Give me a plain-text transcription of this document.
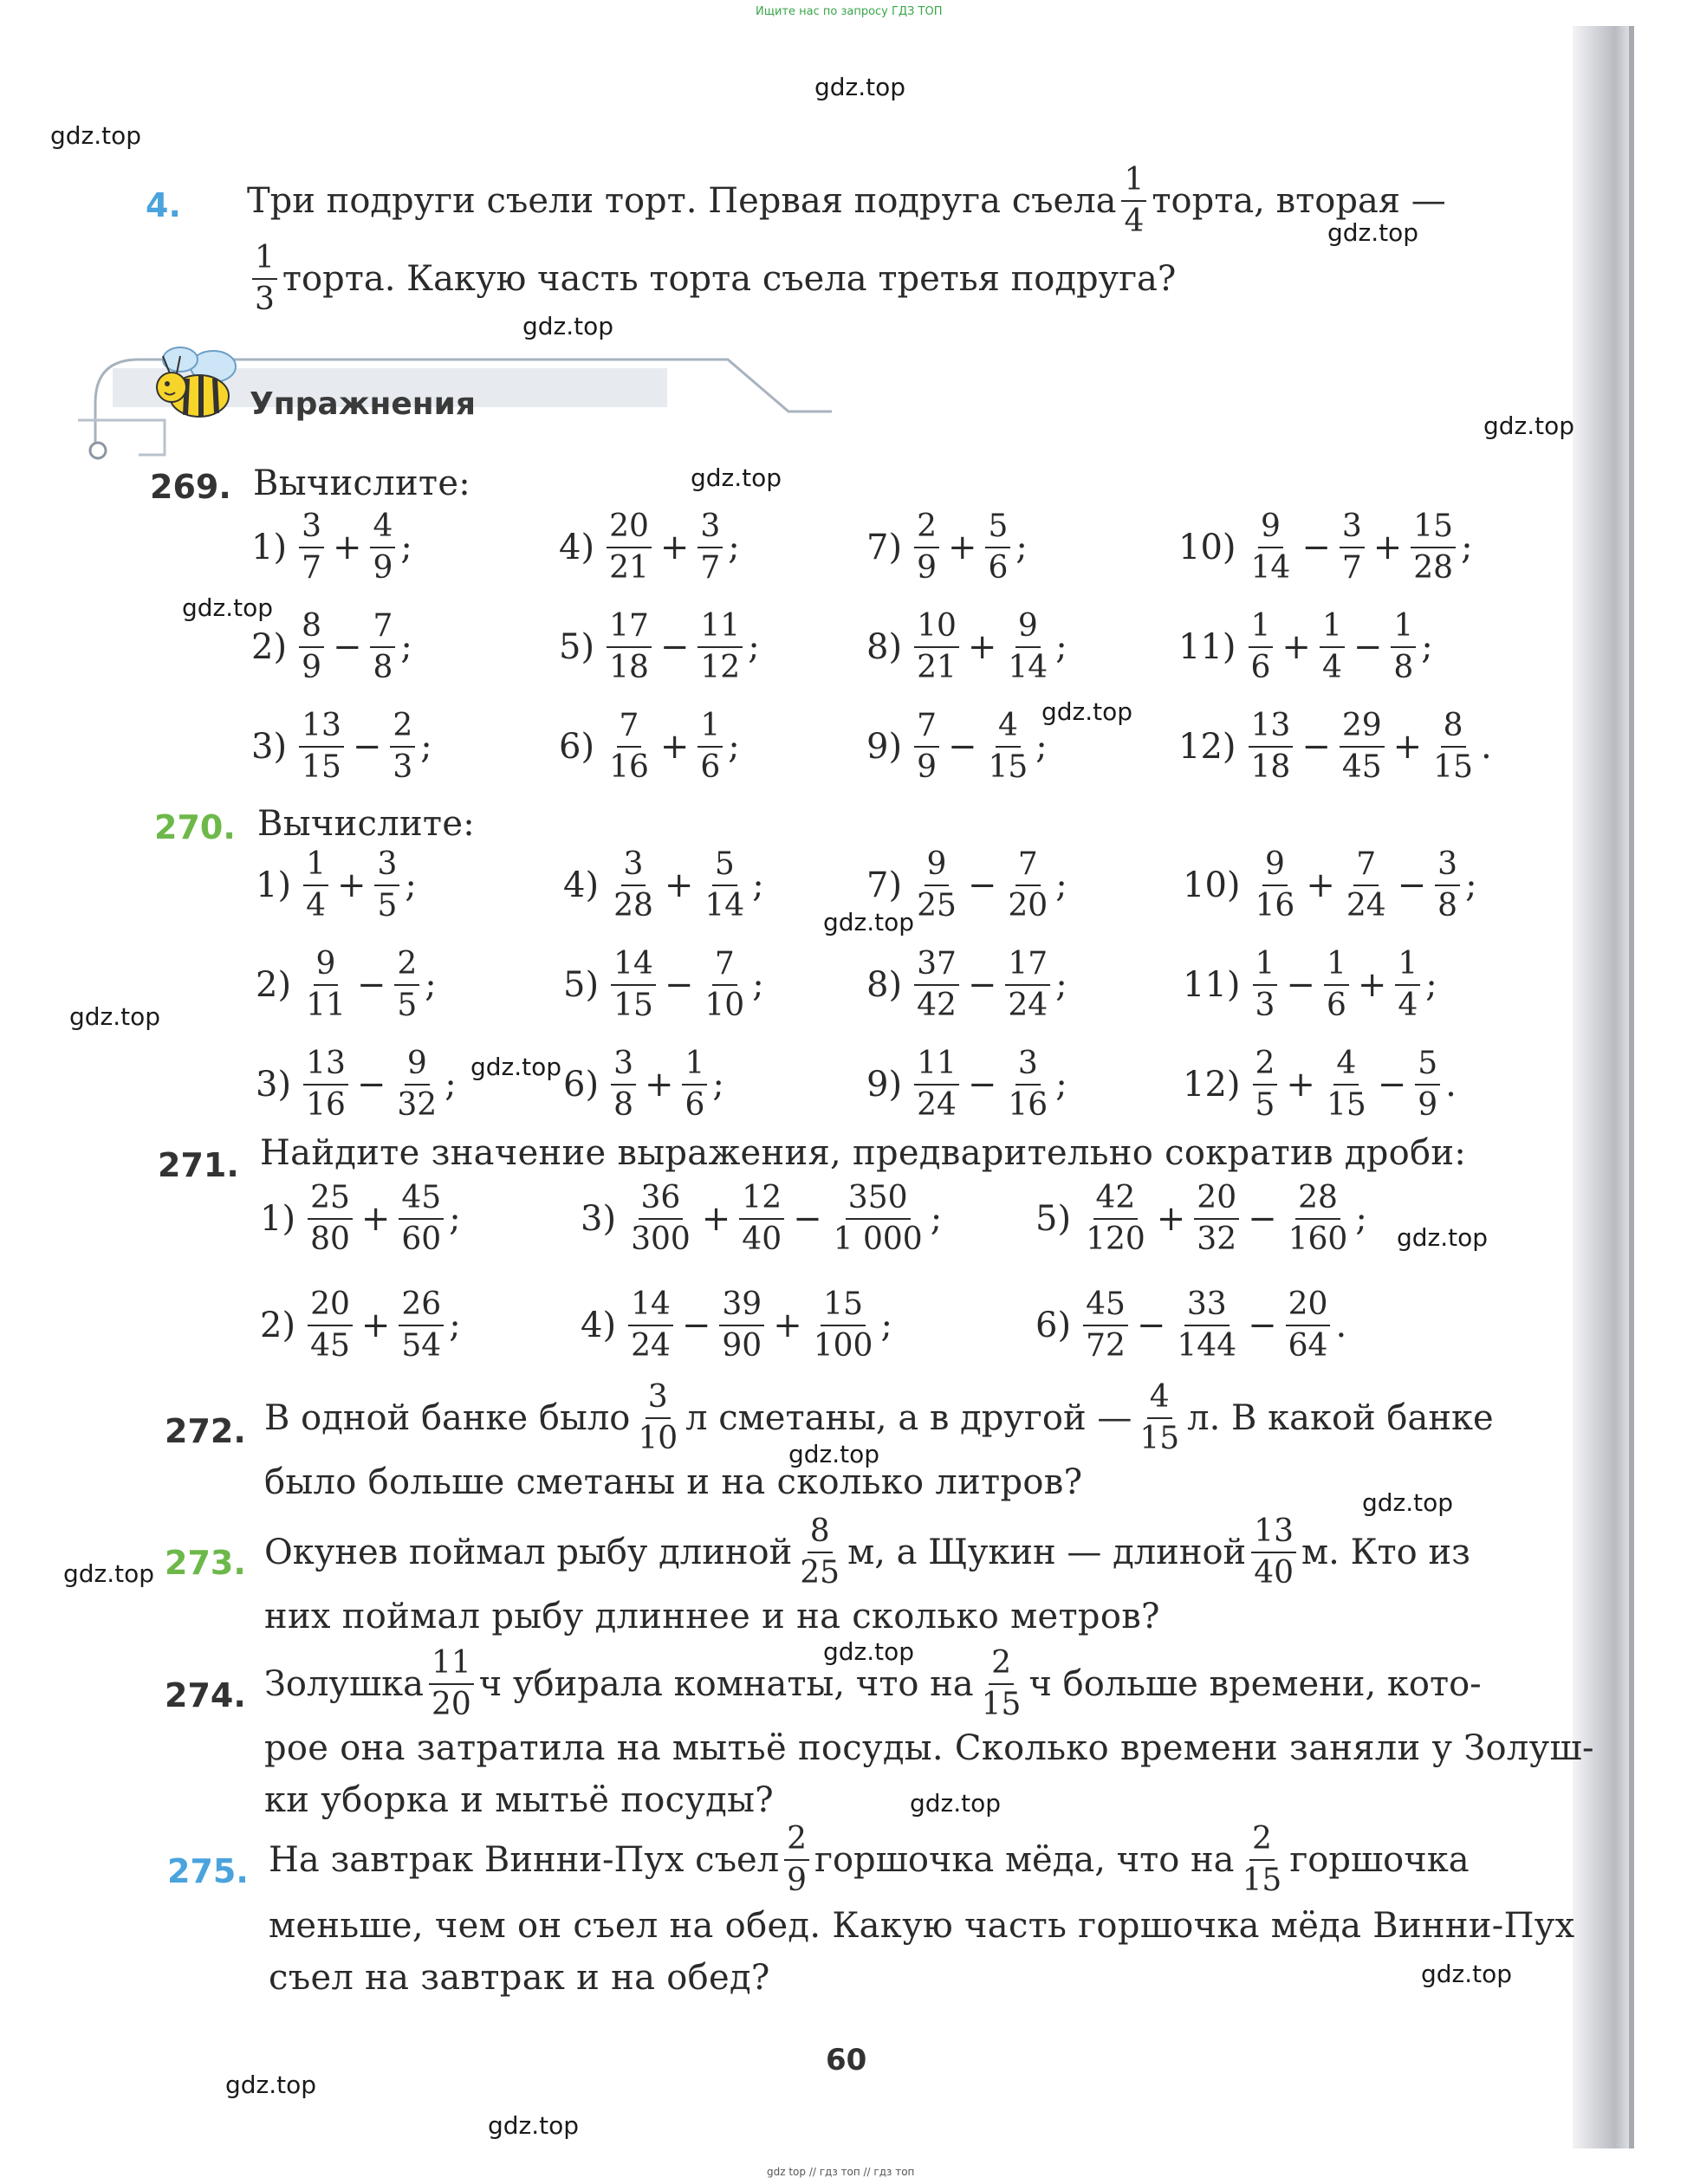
Ищите нас по запросу ГДЗ ТОП
4. Три подруги съели торт. Первая подруга съела $\frac{1}{4}$ торта, вторая —
$\frac{1}{3}$ торта. Какую часть торта съела третья подруга?
Упражнения
269. Вычислите:
$1) \frac{3}{7} + \frac{4}{9}$ ;
$2) \frac{8}{9} - \frac{7}{8}$ ;
$3) \frac{13}{15} - \frac{2}{3}$ ;
$4) \frac{20}{21} + \frac{3}{7}$ ;
$5) \frac{17}{18} - \frac{11}{12}$ ;
$6) \frac{7}{16} + \frac{1}{6}$ ;
$7) \frac{2}{9} + \frac{5}{6}$ ;
$8) \frac{10}{21} + \frac{9}{14}$ ;
$9) \frac{7}{9} - \frac{4}{15}$ ;
$10) \frac{9}{14} - \frac{3}{7} + \frac{15}{28}$ ;
$11) \frac{1}{6} + \frac{1}{4} - \frac{1}{8}$ ;
$12) \frac{13}{18} - \frac{29}{45} + \frac{8}{15}$ .
270. Вычислите:
$1) \frac{1}{4} + \frac{3}{5}$ ;
$2) \frac{9}{11} - \frac{2}{5}$ ;
$3) \frac{13}{16} - \frac{9}{32}$ ;
$4) \frac{3}{28} + \frac{5}{14}$ ;
$5) \frac{14}{15} - \frac{7}{10}$ ;
$6) \frac{3}{8} + \frac{1}{6}$ ;
$7) \frac{9}{25} - \frac{7}{20}$ ;
$8) \frac{37}{42} - \frac{17}{24}$ ;
$9) \frac{11}{24} - \frac{3}{16}$ ;
$10) \frac{9}{16} + \frac{7}{24} - \frac{3}{8}$ ;
$11) \frac{1}{3} - \frac{1}{6} + \frac{1}{4}$ ;
$12) \frac{2}{5} + \frac{4}{15} - \frac{5}{9}$ .
271. Найдите значение выражения, предварительно сократив дроби:
$1) \frac{25}{80} + \frac{45}{60}$ ;
$2) \frac{20}{45} + \frac{26}{54}$ ;
$3) \frac{36}{300} + \frac{12}{40} - \frac{350}{1 000}$ ;
$4) \frac{14}{24} - \frac{39}{90} + \frac{15}{100}$ ;
$5) \frac{42}{120} + \frac{20}{32} - \frac{28}{160}$ ;
$6) \frac{45}{72} - \frac{33}{144} - \frac{20}{64}$ .
272. В одной банке было $\frac{3}{10}$ л сметаны, а в другой — $\frac{4}{15} л$. В какой банке
было больше сметаны и на сколько литров?
273. Окунев поймал рыбу длиной $\frac{8}{25} м$, а Щукин — длиной $\frac{13}{40} м$. Кто из
них поймал рыбу длиннее и на сколько метров?
274. Золушка $\frac{11}{20}$ ч убирала комнаты, что на $\frac{2}{15}$ ч больше времени, кото-
рое она затратила на мытьё посуды. Сколько времени заняли у Золуш-
ки уборка и мытьё посуды?
275. На завтрак Винни-Пух съел $\frac{2}{9}$ горшочка мёда, что на $\frac{2}{15}$ горшочка
меньше, чем он съел на обед. Какую часть горшочка мёда Винни-Пух
съел на завтрак и на обед?
60
gdz top // гдз топ // гдз топ
gdz.top
gdz.top
gdz.top
gdz.top
gdz.top
gdz.top
gdz.top
gdz.top
gdz.top
gdz.top
gdz.top
gdz.top
gdz.top
gdz.top
gdz.top
gdz.top
gdz.top
gdz.top
gdz.top
gdz.top
